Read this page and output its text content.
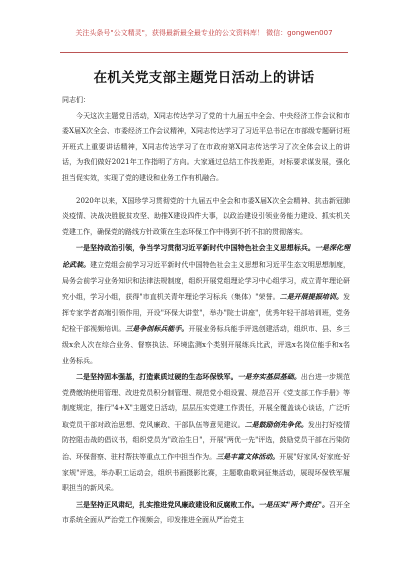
关注头条号"公文精灵"，获得最新最全最专业的公文资料库！ 微信：gongwen007
在机关党支部主题党日活动上的讲话

同志们：

今天这次主题党日活动，X同志传达学习了党的十九届五中全会、中央经济工作会议和市委X届X次全会、市委经济工作会议精神，X同志传达学习了习近平总书记在市部级专题研讨班开班式上重要讲话精神，X同志传达学习了在市政府第X同志传达学习了次全体会议上的讲话，为我们做好2021年工作指明了方向。大家通过总结工作找差距，对标要求谋发展，强化担当促实效，实现了党的建设和业务工作有机融合。

2020年以来，X国珍学习贯彻党的十九届五中全会和市委X届X次全会精神、抗击新冠肺炎疫情、决战决胜脱贫攻坚、助推X建设四件大事，以政治建设引领业务能力建设、抓实机关党建工作，确保党的路线方针政策在生态环保工作中得到不折不扣的贯彻落实。

一是坚持政治引领，争当学习贯彻习近平新时代中国特色社会主义思想标兵。一是深化理论武装。建立党组会前学习习近平新时代中国特色社会主义思想和习近平生态文明思想制度，局务会前学习业务知识和法律法规制度，组织开展党组理论学习中心组学习，成立青年理论研究小组，学习小组，获得"市直机关青年理论学习标兵（集体）"荣誉。二是开展提振培训。发挥专家学者高端引领作用，开设"环保大讲堂"，举办"院士讲座"，优秀年轻干部培训班，党务纪检干部视频培训。三是争创标兵能手。开展业务标兵能手评选创建活动，组织市、县、乡三级x余人次在综合业务、督察执法、环境监测x个类别开展练兵比武，评选x名岗位能手和x名业务标兵。

二是坚持固本强基，打造素质过硬的生态环保铁军。一是夯实基层基础。出台进一步规范党费缴纳使用管理、改进党员积分制管理、规范党小组设置、规范召开《党支部工作手册》等制度规定，推行"4+X"主题党日活动，层层压实党建工作责任，开展全覆盖谈心谈话，广泛听取党员干部对政治思想、党风廉政、干部队伍等意见建议。二是鼓励创先争优。发出打好疫情防控阻击战的倡议书，组织党员为"政治生日"，开展"两优一先"评选，鼓励党员干部在污染防治、环保督察、驻村帮扶等重点工作中担当作为。三是丰富文体活动。开展"好家风·好家庭·好家规"评选，举办职工运动会，组织书画摄影比赛，主题歌曲歌词征集活动，展现环保铁军履职担当的新风采。

三是坚持正风肃纪，扎实推进党风廉政建设和反腐败工作。一是压实"两个责任"。召开全市系统全面从严治党工作视频会，印发推进全面从严治党主
